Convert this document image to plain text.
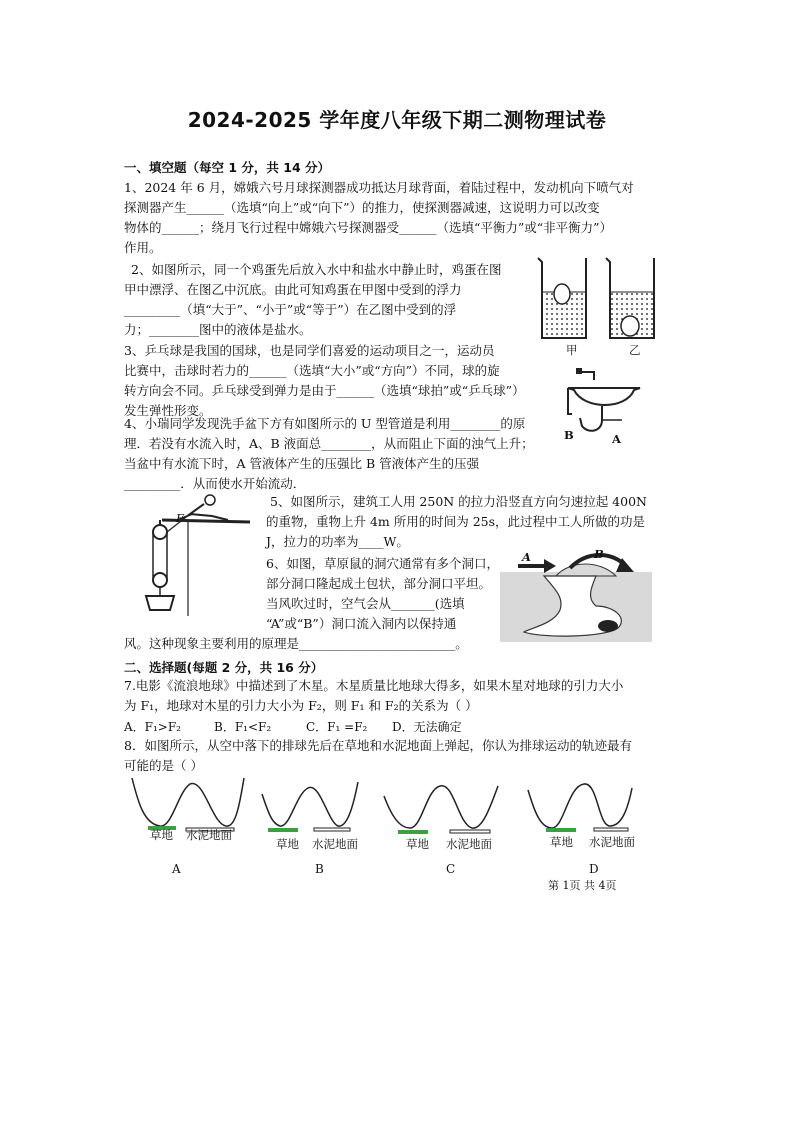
2024-2025 学年度八年级下期二测物理试卷
一、填空题（每空 1 分，共 14 分）
1、2024 年 6 月，嫦娥六号月球探测器成功抵达月球背面，着陆过程中，发动机向下喷气对
探测器产生______（选填“向上”或“向下”）的推力，使探测器减速，这说明力可以改变
物体的______；绕月飞行过程中嫦娥六号探测器受______（选填“平衡力”或“非平衡力”）
作用。
2、如图所示，同一个鸡蛋先后放入水中和盐水中静止时，鸡蛋在图
甲中漂浮、在图乙中沉底。由此可知鸡蛋在甲图中受到的浮力
_________（填“大于”、“小于”或“等于”）在乙图中受到的浮
力；________图中的液体是盐水。
甲	乙
3、乒乓球是我国的国球，也是同学们喜爱的运动项目之一，运动员
比赛中，击球时若力的______（选填“大小”或“方向”）不同，球的旋
转方向会不同。乒乓球受到弹力是由于______（选填“球拍”或“乒乓球”）
发生弹性形变。
B	A
4、小瑞同学发现洗手盆下方有如图所示的 U 型管道是利用________的原
理．若没有水流入时，A、B 液面总________，从而阻止下面的浊气上升；
当盆中有水流下时，A 管液体产生的压强比 B 管液体产生的压强
_________．从而使水开始流动．
F
5、如图所示，建筑工人用 250N 的拉力沿竖直方向匀速拉起 400N
的重物，重物上升 4m 所用的时间为 25s，此过程中工人所做的功是
J，拉力的功率为____W。
6、如图，草原鼠的洞穴通常有多个洞口，
部分洞口隆起成土包状，部分洞口平坦。
当风吹过时，空气会从_______(选填
“A”或“B”）洞口流入洞内以保持通
风。这种现象主要利用的原理是_________________________。
A	B
二、选择题(每题 2 分，共 16 分）
7.电影《流浪地球》中描述到了木星。木星质量比地球大得多，如果木星对地球的引力大小
为 F₁，地球对木星的引力大小为 F₂，则 F₁ 和 F₂的关系为（ ）
A．F₁>F₂	B．F₁<F₂	C．F₁ =F₂ D．无法确定
8．如图所示，从空中落下的排球先后在草地和水泥地面上弹起，你认为排球运动的轨迹最有
可能的是（ ）
草地 水泥地面
草地 水泥地面	草地 水泥地面	草地 水泥地面
A	B	C	D
第 1页 共 4页
